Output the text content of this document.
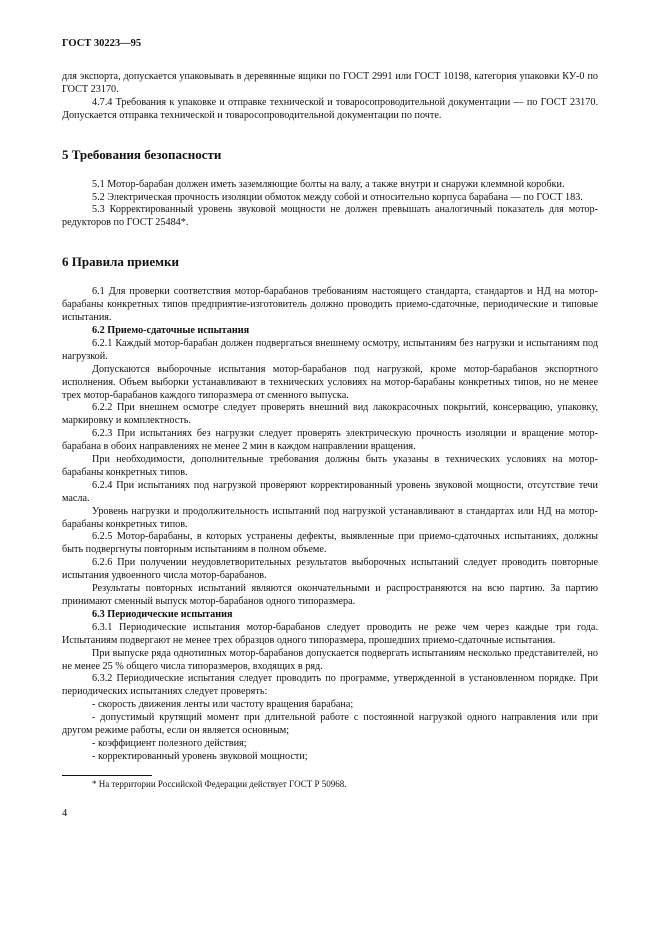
ГОСТ 30223—95

для экспорта, допускается упаковывать в деревянные ящики по ГОСТ 2991 или ГОСТ 10198, категория упаковки КУ-0 по ГОСТ 23170.

4.7.4 Требования к упаковке и отправке технической и товаросопроводительной документации — по ГОСТ 23170. Допускается отправка технической и товаросопроводительной документации по почте.

5 Требования безопасности

5.1 Мотор-барабан должен иметь заземляющие болты на валу, а также внутри и снаружи клеммной коробки.

5.2 Электрическая прочность изоляции обмоток между собой и относительно корпуса барабана — по ГОСТ 183.

5.3 Корректированный уровень звуковой мощности не должен превышать аналогичный показатель для мотор-редукторов по ГОСТ 25484*.

6 Правила приемки

6.1 Для проверки соответствия мотор-барабанов требованиям настоящего стандарта, стандартов и НД на мотор-барабаны конкретных типов предприятие-изготовитель должно проводить приемо-сдаточные, периодические и типовые испытания.

6.2 Приемо-сдаточные испытания

6.2.1 Каждый мотор-барабан должен подвергаться внешнему осмотру, испытаниям без нагрузки и испытаниям под нагрузкой.

Допускаются выборочные испытания мотор-барабанов под нагрузкой, кроме мотор-барабанов экспортного исполнения. Объем выборки устанавливают в технических условиях на мотор-барабаны конкретных типов, но не менее трех мотор-барабанов каждого типоразмера от сменного выпуска.

6.2.2 При внешнем осмотре следует проверять внешний вид лакокрасочных покрытий, консервацию, упаковку, маркировку и комплектность.

6.2.3 При испытаниях без нагрузки следует проверять электрическую прочность изоляции и вращение мотор-барабана в обоих направлениях не менее 2 мин в каждом направлении вращения.

При необходимости, дополнительные требования должны быть указаны в технических условиях на мотор-барабаны конкретных типов.

6.2.4 При испытаниях под нагрузкой проверяют корректированный уровень звуковой мощности, отсутствие течи масла.

Уровень нагрузки и продолжительность испытаний под нагрузкой устанавливают в стандартах или НД на мотор-барабаны конкретных типов.

6.2.5 Мотор-барабаны, в которых устранены дефекты, выявленные при приемо-сдаточных испытаниях, должны быть подвергнуты повторным испытаниям в полном объеме.

6.2.6 При получении неудовлетворительных результатов выборочных испытаний следует проводить повторные испытания удвоенного числа мотор-барабанов.

Результаты повторных испытаний являются окончательными и распространяются на всю партию. За партию принимают сменный выпуск мотор-барабанов одного типоразмера.

6.3 Периодические испытания

6.3.1 Периодические испытания мотор-барабанов следует проводить не реже чем через каждые три года. Испытаниям подвергают не менее трех образцов одного типоразмера, прошедших приемо-сдаточные испытания.

При выпуске ряда однотипных мотор-барабанов допускается подвергать испытаниям несколько представителей, но не менее 25 % общего числа типоразмеров, входящих в ряд.

6.3.2 Периодические испытания следует проводить по программе, утвержденной в установленном порядке. При периодических испытаниях следует проверять:

- скорость движения ленты или частоту вращения барабана;

- допустимый крутящий момент при длительной работе с постоянной нагрузкой одного направления или при другом режиме работы, если он является основным;

- коэффициент полезного действия;

- корректированный уровень звуковой мощности;

* На территории Российской Федерации действует ГОСТ Р 50968.
4
